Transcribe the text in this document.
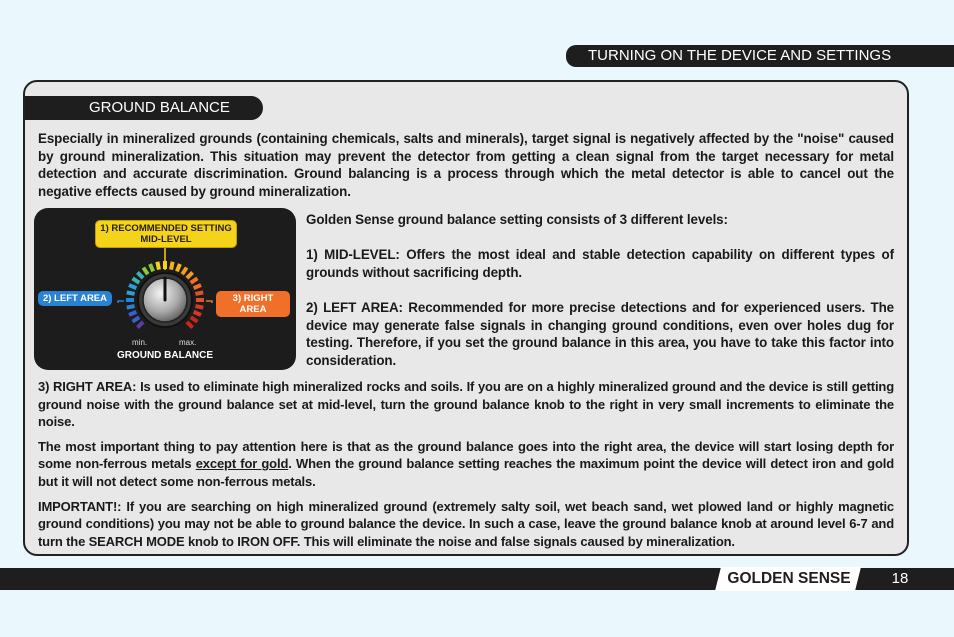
TURNING ON THE DEVICE AND SETTINGS
GROUND BALANCE

Especially in mineralized grounds (containing chemicals, salts and minerals), target signal is negatively affected by the "noise" caused by ground mineralization. This situation may prevent the detector from getting a clean signal from the target necessary for metal detection and accurate discrimination. Ground balancing is a process through which the metal detector is able to cancel out the negative effects caused by ground mineralization.

1) RECOMMENDED SETTING MID-LEVEL
2) LEFT AREA	3) RIGHT AREA
min.	max.
GROUND BALANCE

Golden Sense ground balance setting consists of 3 different levels:

1) MID-LEVEL: Offers the most ideal and stable detection capability on different types of grounds without sacrificing depth.

2) LEFT AREA: Recommended for more precise detections and for experienced users. The device may generate false signals in changing ground conditions, even over holes dug for testing. Therefore, if you set the ground balance in this area, you have to take this factor into consideration.

3) RIGHT AREA: Is used to eliminate high mineralized rocks and soils. If you are on a highly mineralized ground and the device is still getting ground noise with the ground balance set at mid-level, turn the ground balance knob to the right in very small increments to eliminate the noise.

The most important thing to pay attention here is that as the ground balance goes into the right area, the device will start losing depth for some non-ferrous metals except for gold. When the ground balance setting reaches the maximum point the device will detect iron and gold but it will not detect some non-ferrous metals.

IMPORTANT!: If you are searching on high mineralized ground (extremely salty soil, wet beach sand, wet plowed land or highly magnetic ground conditions) you may not be able to ground balance the device. In such a case, leave the ground balance knob at around level 6-7 and turn the SEARCH MODE knob to IRON OFF. This will eliminate the noise and false signals caused by mineralization.

GOLDEN SENSE	18
